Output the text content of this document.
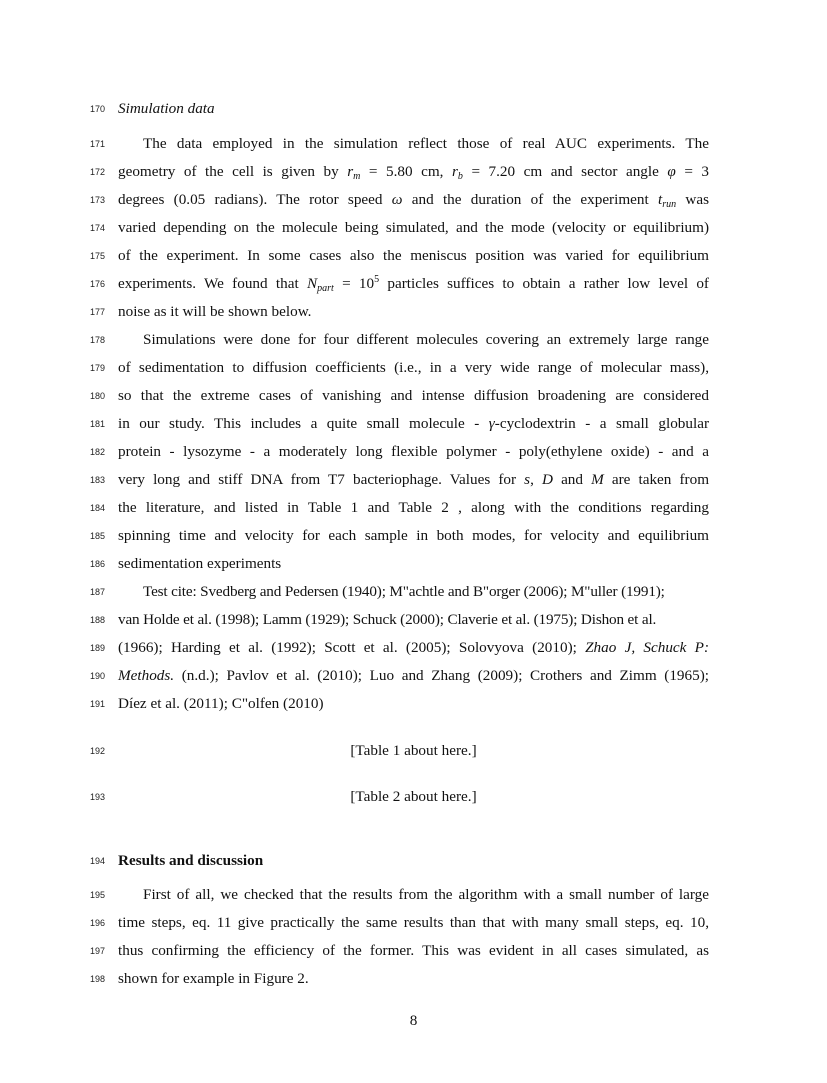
170 Simulation data
171	The data employed in the simulation reflect those of real AUC experiments. The
172 geometry of the cell is given by rm = 5.80 cm, rb = 7.20 cm and sector angle φ = 3
173 degrees (0.05 radians). The rotor speed ω and the duration of the experiment trun was
174 varied depending on the molecule being simulated, and the mode (velocity or equilibrium)
175 of the experiment. In some cases also the meniscus position was varied for equilibrium
176 experiments. We found that Npart = $10^5$ particles suffices to obtain a rather low level of
177 noise as it will be shown below.
178	Simulations were done for four different molecules covering an extremely large range
179 of sedimentation to diffusion coefficients (i.e., in a very wide range of molecular mass),
180 so that the extreme cases of vanishing and intense diffusion broadening are considered
181 in our study. This includes a quite small molecule - γ-cyclodextrin - a small globular
182 protein - lysozyme - a moderately long flexible polymer - poly(ethylene oxide) - and a
183 very long and stiff DNA from T7 bacteriophage. Values for s, D and M are taken from
184 the literature, and listed in Table 1 and Table 2 , along with the conditions regarding
185 spinning time and velocity for each sample in both modes, for velocity and equilibrium
186 sedimentation experiments
187	Test cite: Svedberg and Pedersen (1940); M"achtle and B"orger (2006); M"uller (1991);
188 van Holde et al. (1998); Lamm (1929); Schuck (2000); Claverie et al. (1975); Dishon et al.
189 (1966); Harding et al. (1992); Scott et al. (2005); Solovyova (2010); Zhao J, Schuck P:
190 Methods. (n.d.); Pavlov et al. (2010); Luo and Zhang (2009); Crothers and Zimm (1965);
191 Díez et al. (2011); C"olfen (2010)
192	[Table 1 about here.]
193	[Table 2 about here.]
194 Results and discussion
195	First of all, we checked that the results from the algorithm with a small number of large
196 time steps, eq. 11 give practically the same results than that with many small steps, eq. 10,
197 thus confirming the efficiency of the former. This was evident in all cases simulated, as
198 shown for example in Figure 2.
8
